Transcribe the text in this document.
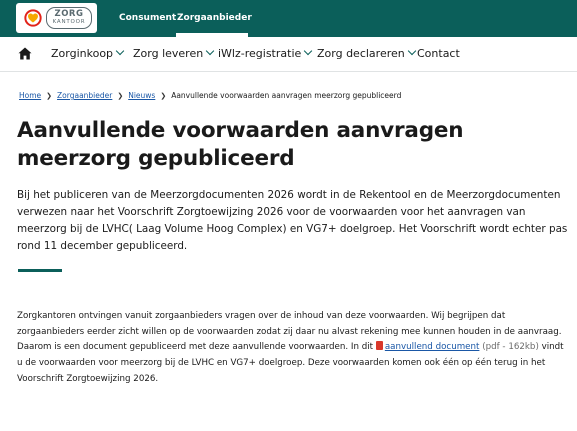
ZORG
KANTOOR	Consument Zorgaanbieder
Zorginkoop	Zorg leveren	iWlz-registratie	Zorg declareren	Contact
Home ❯ Zorgaanbieder ❯ Nieuws ❯ Aanvullende voorwaarden aanvragen meerzorg gepubliceerd
Aanvullende voorwaarden aanvragen meerzorg gepubliceerd

Bij het publiceren van de Meerzorgdocumenten 2026 wordt in de Rekentool en de Meerzorgdocumenten verwezen naar het Voorschrift Zorgtoewijzing 2026 voor de voorwaarden voor het aanvragen van meerzorg bij de LVHC( Laag Volume Hoog Complex) en VG7+ doelgroep. Het Voorschrift wordt echter pas rond 11 december gepubliceerd.

Zorgkantoren ontvingen vanuit zorgaanbieders vragen over de inhoud van deze voorwaarden. Wij begrijpen dat zorgaanbieders eerder zicht willen op de voorwaarden zodat zij daar nu alvast rekening mee kunnen houden in de aanvraag. Daarom is een document gepubliceerd met deze aanvullende voorwaarden. In dit aanvullend document (pdf - 162kb) vindt u de voorwaarden voor meerzorg bij de LVHC en VG7+ doelgroep. Deze voorwaarden komen ook één op één terug in het Voorschrift Zorgtoewijzing 2026.
